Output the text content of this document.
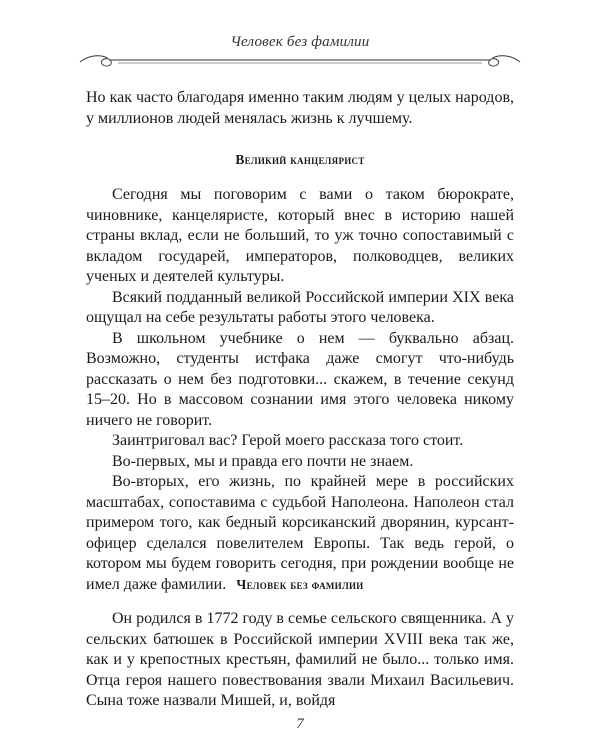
Человек без фамилии

Но как часто благодаря именно таким людям у целых народов, у миллионов людей менялась жизнь к лучшему.

Великий канцелярист

Сегодня мы поговорим с вами о таком бюрократе, чиновнике, канцеляристе, который внес в историю нашей страны вклад, если не больший, то уж точно сопоставимый с вкладом государей, императоров, полководцев, великих ученых и деятелей культуры.

Всякий подданный великой Российской империи XIX века ощущал на себе результаты работы этого человека.

В школьном учебнике о нем — буквально абзац. Возможно, студенты истфака даже смогут что-нибудь рассказать о нем без подготовки... скажем, в течение секунд 15–20. Но в массовом сознании имя этого человека никому ничего не говорит.

Заинтриговал вас? Герой моего рассказа того стоит.

Во-первых, мы и правда его почти не знаем.

Во-вторых, его жизнь, по крайней мере в российских масштабах, сопоставима с судьбой Наполеона. Наполеон стал примером того, как бедный корсиканский дворянин, курсант-офицер сделался повелителем Европы. Так ведь герой, о котором мы будем говорить сегодня, при рождении вообще не имел даже фамилии. Человек без фамилии

Он родился в 1772 году в семье сельского священника. А у сельских батюшек в Российской империи XVIII века так же, как и у крепостных крестьян, фамилий не было... только имя. Отца героя нашего повествования звали Михаил Васильевич. Сына тоже назвали Мишей, и, войдя

7
